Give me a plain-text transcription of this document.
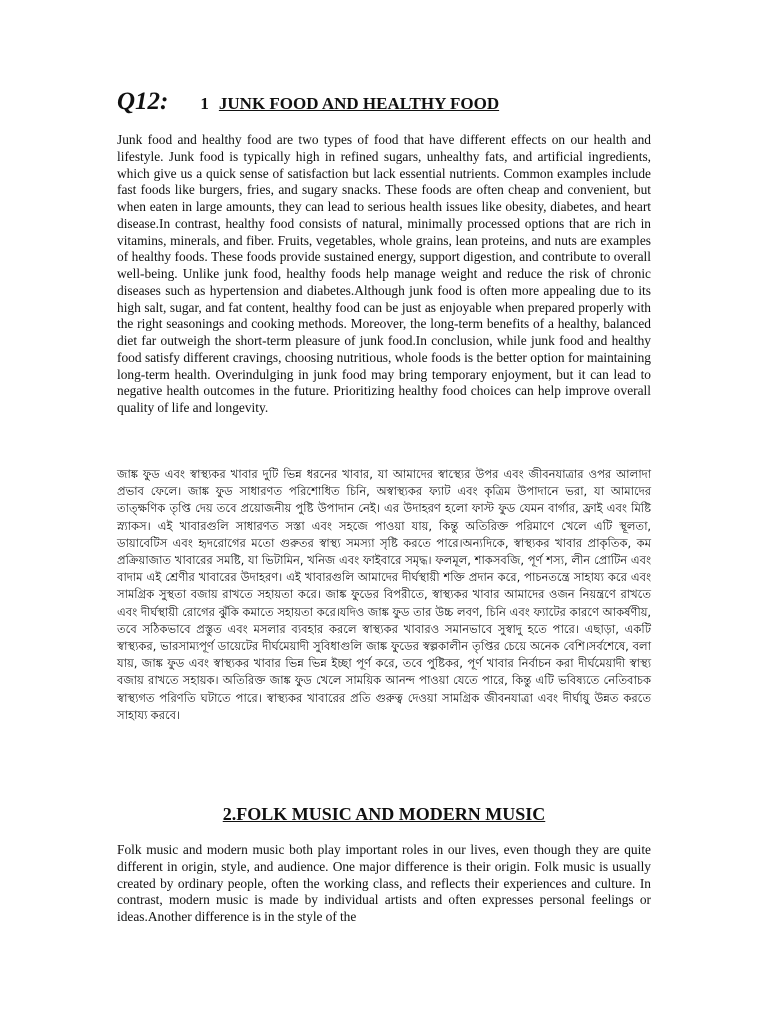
Q12: 1 JUNK FOOD AND HEALTHY FOOD

Junk food and healthy food are two types of food that have different effects on our health and lifestyle. Junk food is typically high in refined sugars, unhealthy fats, and artificial ingredients, which give us a quick sense of satisfaction but lack essential nutrients. Common examples include fast foods like burgers, fries, and sugary snacks. These foods are often cheap and convenient, but when eaten in large amounts, they can lead to serious health issues like obesity, diabetes, and heart disease.In contrast, healthy food consists of natural, minimally processed options that are rich in vitamins, minerals, and fiber. Fruits, vegetables, whole grains, lean proteins, and nuts are examples of healthy foods. These foods provide sustained energy, support digestion, and contribute to overall well-being. Unlike junk food, healthy foods help manage weight and reduce the risk of chronic diseases such as hypertension and diabetes.Although junk food is often more appealing due to its high salt, sugar, and fat content, healthy food can be just as enjoyable when prepared properly with the right seasonings and cooking methods. Moreover, the long-term benefits of a healthy, balanced diet far outweigh the short-term pleasure of junk food.In conclusion, while junk food and healthy food satisfy different cravings, choosing nutritious, whole foods is the better option for maintaining long-term health. Overindulging in junk food may bring temporary enjoyment, but it can lead to negative health outcomes in the future. Prioritizing healthy food choices can help improve overall quality of life and longevity.

জাঙ্ক ফুড এবং স্বাস্থ্যকর খাবার দুটি ভিন্ন ধরনের খাবার, যা আমাদের স্বাস্থ্যের উপর এবং জীবনযাত্রার ওপর আলাদা প্রভাব ফেলে। জাঙ্ক ফুড সাধারণত পরিশোধিত চিনি, অস্বাস্থ্যকর ফ্যাট এবং কৃত্রিম উপাদানে ভরা, যা আমাদের তাত্ক্ষণিক তৃপ্তি দেয় তবে প্রয়োজনীয় পুষ্টি উপাদান নেই। এর উদাহরণ হলো ফাস্ট ফুড যেমন বার্গার, ফ্রাই এবং মিষ্টি স্ন্যাকস। এই খাবারগুলি সাধারণত সস্তা এবং সহজে পাওয়া যায়, কিন্তু অতিরিক্ত পরিমাণে খেলে এটি স্থূলতা, ডায়াবেটিস এবং হৃদরোগের মতো গুরুতর স্বাস্থ্য সমস্যা সৃষ্টি করতে পারে।অন্যদিকে, স্বাস্থ্যকর খাবার প্রাকৃতিক, কম প্রক্রিয়াজাত খাবারের সমষ্টি, যা ভিটামিন, খনিজ এবং ফাইবারে সমৃদ্ধ। ফলমূল, শাকসবজি, পূর্ণ শস্য, লীন প্রোটিন এবং বাদাম এই শ্রেণীর খাবারের উদাহরণ। এই খাবারগুলি আমাদের দীর্ঘস্থায়ী শক্তি প্রদান করে, পাচনতন্ত্রে সাহায্য করে এবং সামগ্রিক সুস্থতা বজায় রাখতে সহায়তা করে। জাঙ্ক ফুডের বিপরীতে, স্বাস্থ্যকর খাবার আমাদের ওজন নিয়ন্ত্রণে রাখতে এবং দীর্ঘস্থায়ী রোগের ঝুঁকি কমাতে সহায়তা করে।যদিও জাঙ্ক ফুড তার উচ্চ লবণ, চিনি এবং ফ্যাটের কারণে আকর্ষণীয়, তবে সঠিকভাবে প্রস্তুত এবং মসলার ব্যবহার করলে স্বাস্থ্যকর খাবারও সমানভাবে সুস্বাদু হতে পারে। এছাড়া, একটি স্বাস্থ্যকর, ভারসাম্যপূর্ণ ডায়েটের দীর্ঘমেয়াদী সুবিধাগুলি জাঙ্ক ফুডের স্বল্পকালীন তৃপ্তির চেয়ে অনেক বেশি।সর্বশেষে, বলা যায়, জাঙ্ক ফুড এবং স্বাস্থ্যকর খাবার ভিন্ন ভিন্ন ইচ্ছা পূর্ণ করে, তবে পুষ্টিকর, পূর্ণ খাবার নির্বাচন করা দীর্ঘমেয়াদী স্বাস্থ্য বজায় রাখতে সহায়ক। অতিরিক্ত জাঙ্ক ফুড খেলে সাময়িক আনন্দ পাওয়া যেতে পারে, কিন্তু এটি ভবিষ্যতে নেতিবাচক স্বাস্থ্যগত পরিণতি ঘটাতে পারে। স্বাস্থ্যকর খাবারের প্রতি গুরুত্ব দেওয়া সামগ্রিক জীবনযাত্রা এবং দীর্ঘায়ু উন্নত করতে সাহায্য করবে।

2.FOLK MUSIC AND MODERN MUSIC

Folk music and modern music both play important roles in our lives, even though they are quite different in origin, style, and audience. One major difference is their origin. Folk music is usually created by ordinary people, often the working class, and reflects their experiences and culture. In contrast, modern music is made by individual artists and often expresses personal feelings or ideas.Another difference is in the style of the
